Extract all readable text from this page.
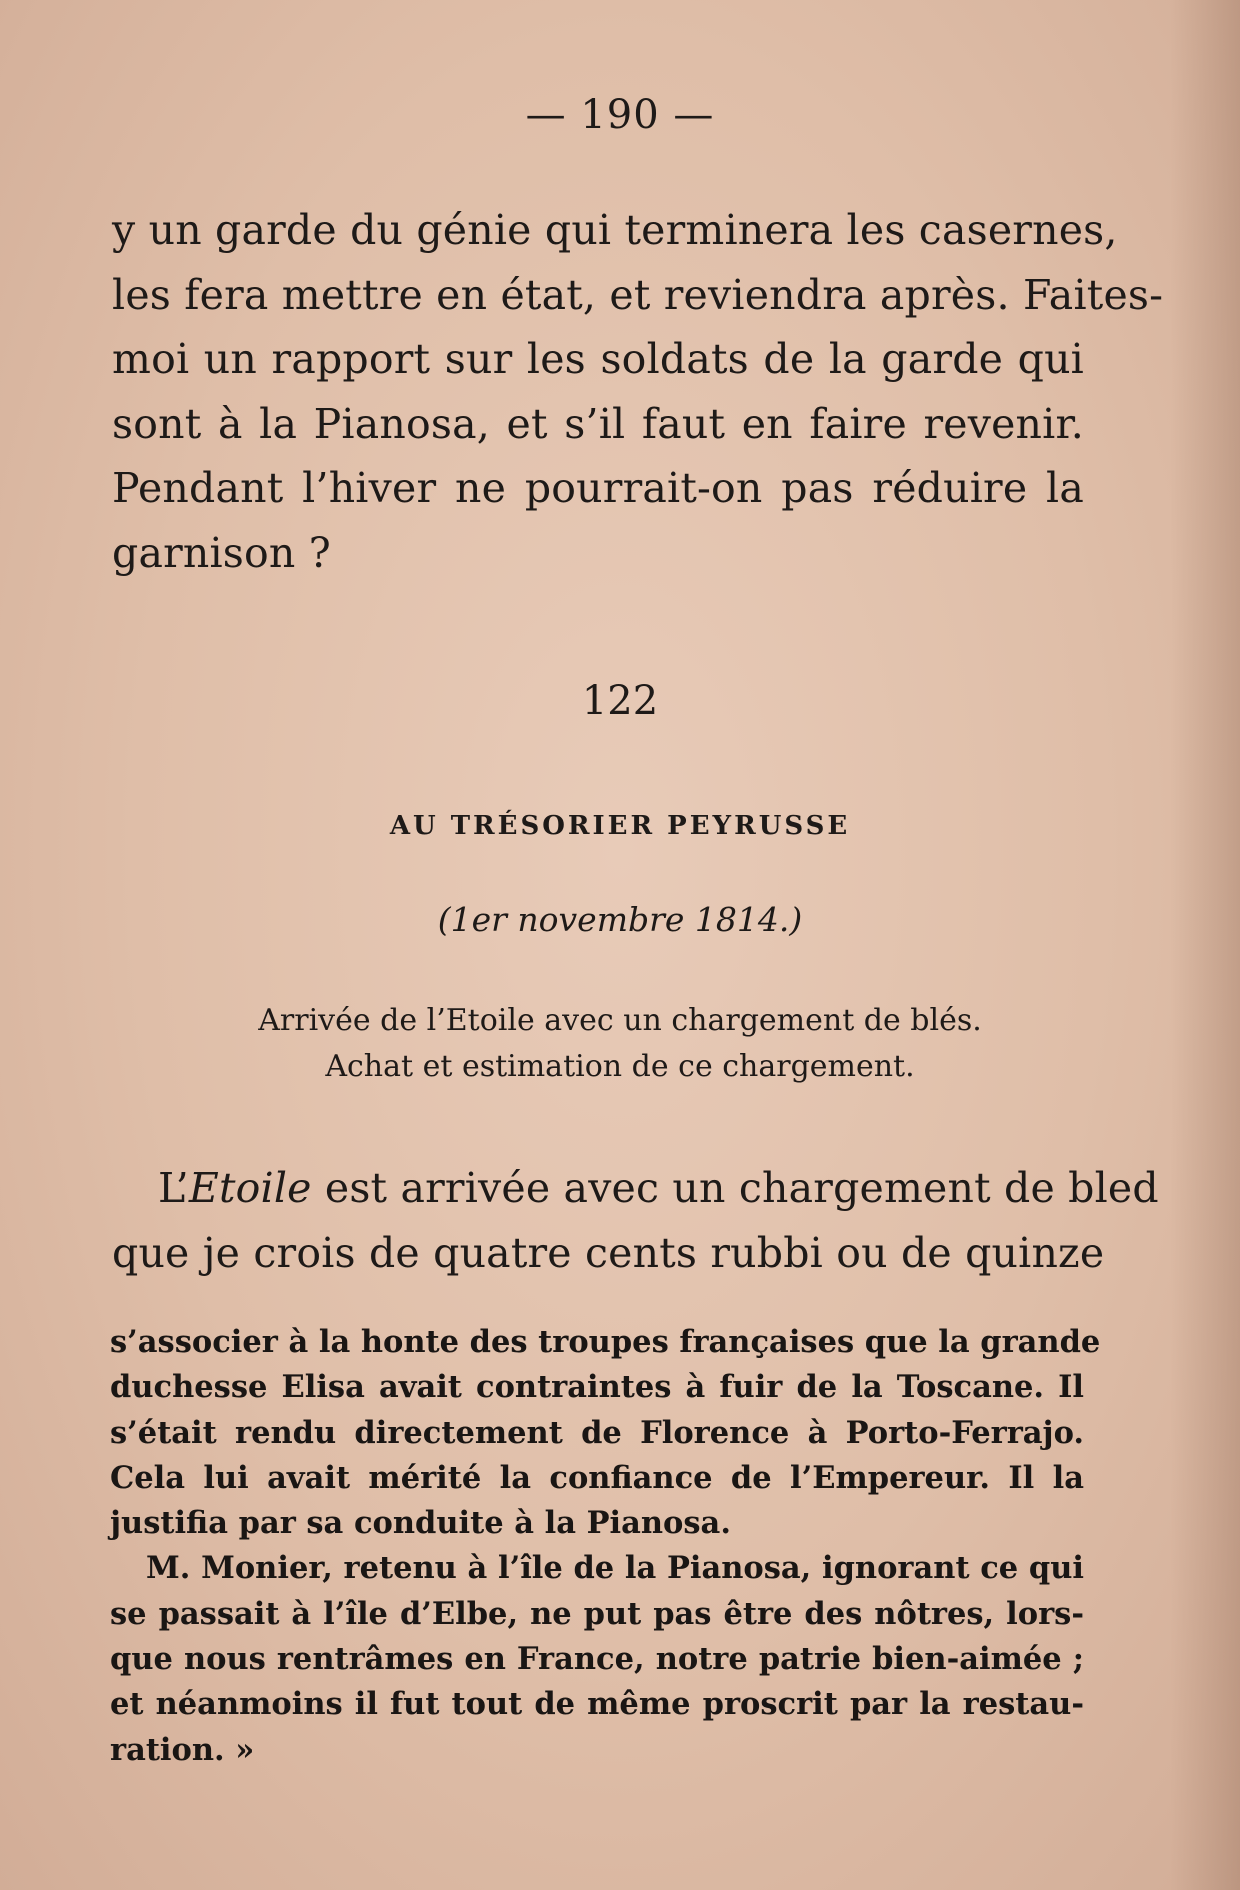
— 190 —

y un garde du génie qui terminera les casernes,
les fera mettre en état, et reviendra après. Faites-
moi un rapport sur les soldats de la garde qui
sont à la Pianosa, et s’il faut en faire revenir.
Pendant l’hiver ne pourrait-on pas réduire la
garnison ?

122
AU TRÉSORIER PEYRUSSE
(1er novembre 1814.)
Arrivée de l’Etoile avec un chargement de blés.
Achat et estimation de ce chargement.

L’Etoile est arrivée avec un chargement de bled
que je crois de quatre cents rubbi ou de quinze

s’associer à la honte des troupes françaises que la grande
duchesse Elisa avait contraintes à fuir de la Toscane. Il
s’était rendu directement de Florence à Porto-Ferrajo.
Cela lui avait mérité la confiance de l’Empereur. Il la
justifia par sa conduite à la Pianosa.
M. Monier, retenu à l’île de la Pianosa, ignorant ce qui
se passait à l’île d’Elbe, ne put pas être des nôtres, lors-
que nous rentrâmes en France, notre patrie bien-aimée ;
et néanmoins il fut tout de même proscrit par la restau-
ration. »
